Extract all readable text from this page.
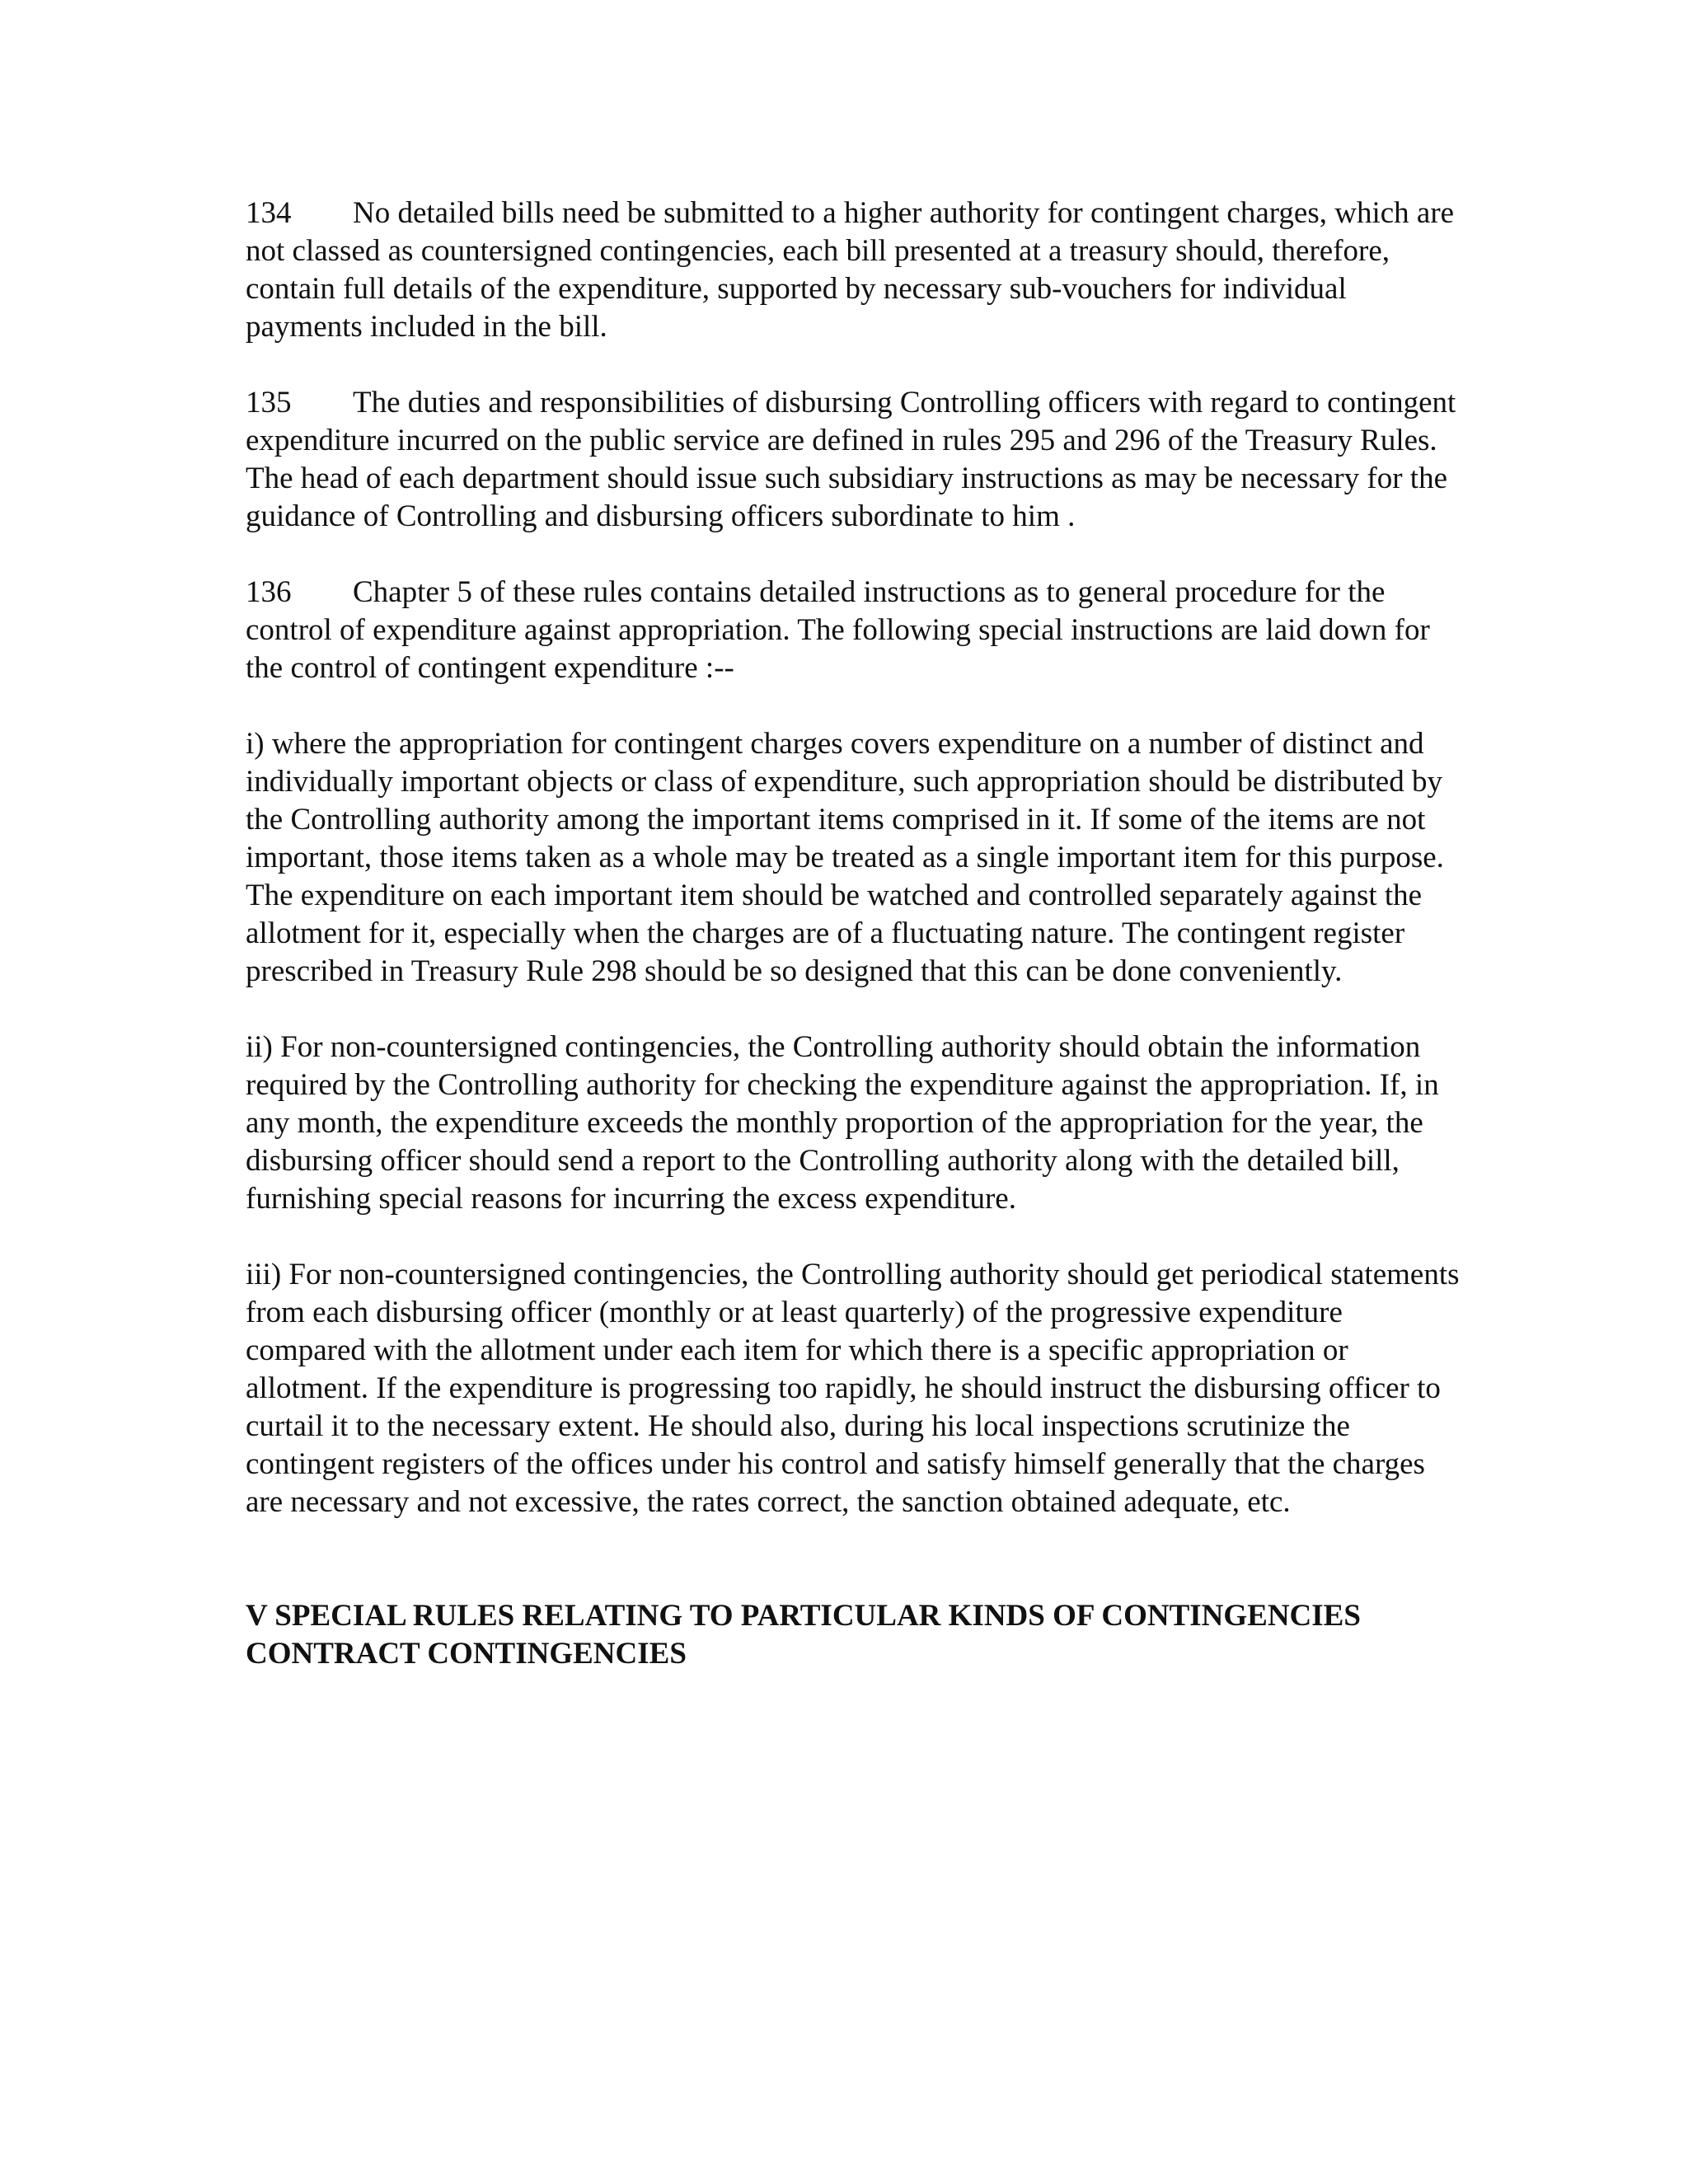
134 No detailed bills need be submitted to a higher authority for contingent charges, which are not classed as countersigned contingencies, each bill presented at a treasury should, therefore, contain full details of the expenditure, supported by necessary sub-vouchers for individual payments included in the bill.

135 The duties and responsibilities of disbursing Controlling officers with regard to contingent expenditure incurred on the public service are defined in rules 295 and 296 of the Treasury Rules. The head of each department should issue such subsidiary instructions as may be necessary for the guidance of Controlling and disbursing officers subordinate to him .

136 Chapter 5 of these rules contains detailed instructions as to general procedure for the control of expenditure against appropriation. The following special instructions are laid down for the control of contingent expenditure :--

i) where the appropriation for contingent charges covers expenditure on a number of distinct and individually important objects or class of expenditure, such appropriation should be distributed by the Controlling authority among the important items comprised in it. If some of the items are not important, those items taken as a whole may be treated as a single important item for this purpose. The expenditure on each important item should be watched and controlled separately against the allotment for it, especially when the charges are of a fluctuating nature. The contingent register prescribed in Treasury Rule 298 should be so designed that this can be done conveniently.

ii) For non-countersigned contingencies, the Controlling authority should obtain the information required by the Controlling authority for checking the expenditure against the appropriation. If, in any month, the expenditure exceeds the monthly proportion of the appropriation for the year, the disbursing officer should send a report to the Controlling authority along with the detailed bill, furnishing special reasons for incurring the excess expenditure.

iii) For non-countersigned contingencies, the Controlling authority should get periodical statements from each disbursing officer (monthly or at least quarterly) of the progressive expenditure compared with the allotment under each item for which there is a specific appropriation or allotment. If the expenditure is progressing too rapidly, he should instruct the disbursing officer to curtail it to the necessary extent. He should also, during his local inspections scrutinize the contingent registers of the offices under his control and satisfy himself generally that the charges are necessary and not excessive, the rates correct, the sanction obtained adequate, etc.

V SPECIAL RULES RELATING TO PARTICULAR KINDS OF CONTINGENCIES

CONTRACT CONTINGENCIES
